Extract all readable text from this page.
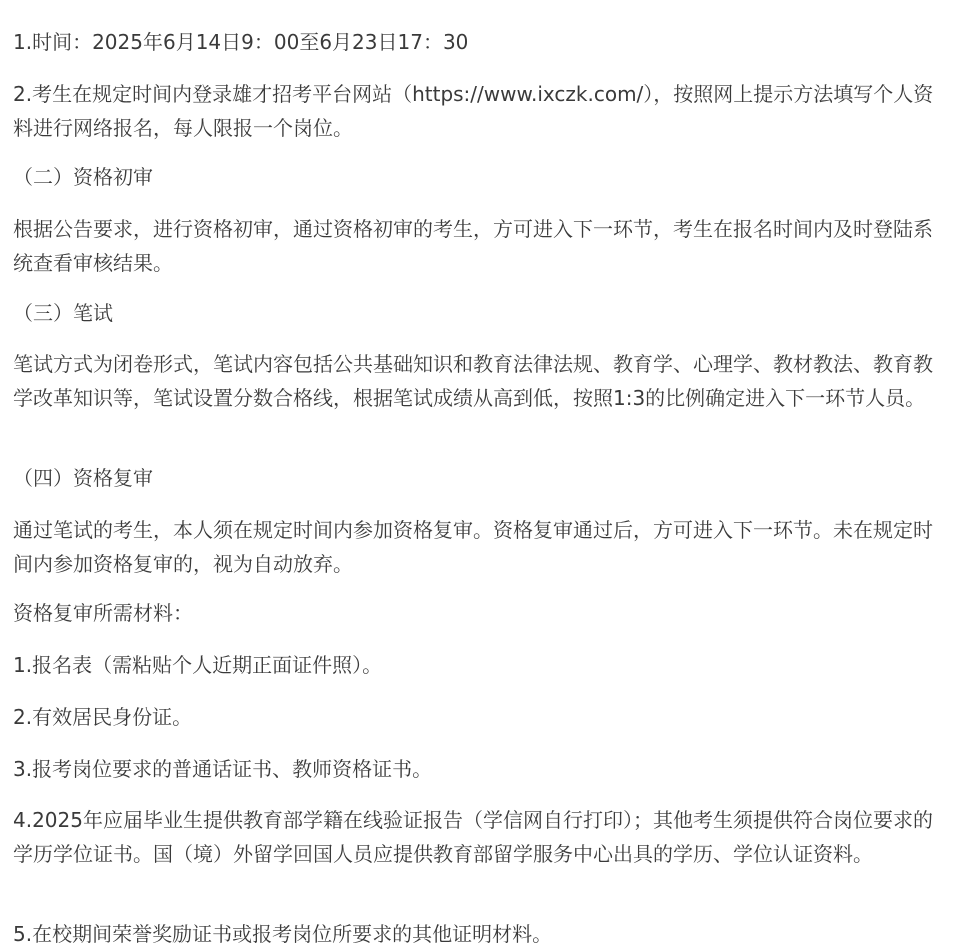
1.时间：2025年6月14日9：00至6月23日17：30

2.考生在规定时间内登录雄才招考平台网站（https://www.ixczk.com/），按照网上提示方法填写个人资料进行网络报名，每人限报一个岗位。

（二）资格初审

根据公告要求，进行资格初审，通过资格初审的考生，方可进入下一环节，考生在报名时间内及时登陆系统查看审核结果。

（三）笔试

笔试方式为闭卷形式，笔试内容包括公共基础知识和教育法律法规、教育学、心理学、教材教法、教育教学改革知识等，笔试设置分数合格线，根据笔试成绩从高到低，按照1:3的比例确定进入下一环节人员。

（四）资格复审

通过笔试的考生，本人须在规定时间内参加资格复审。资格复审通过后，方可进入下一环节。未在规定时间内参加资格复审的，视为自动放弃。

资格复审所需材料：

1.报名表（需粘贴个人近期正面证件照）。

2.有效居民身份证。

3.报考岗位要求的普通话证书、教师资格证书。

4.2025年应届毕业生提供教育部学籍在线验证报告（学信网自行打印）；其他考生须提供符合岗位要求的学历学位证书。国（境）外留学回国人员应提供教育部留学服务中心出具的学历、学位认证资料。

5.在校期间荣誉奖励证书或报考岗位所要求的其他证明材料。
